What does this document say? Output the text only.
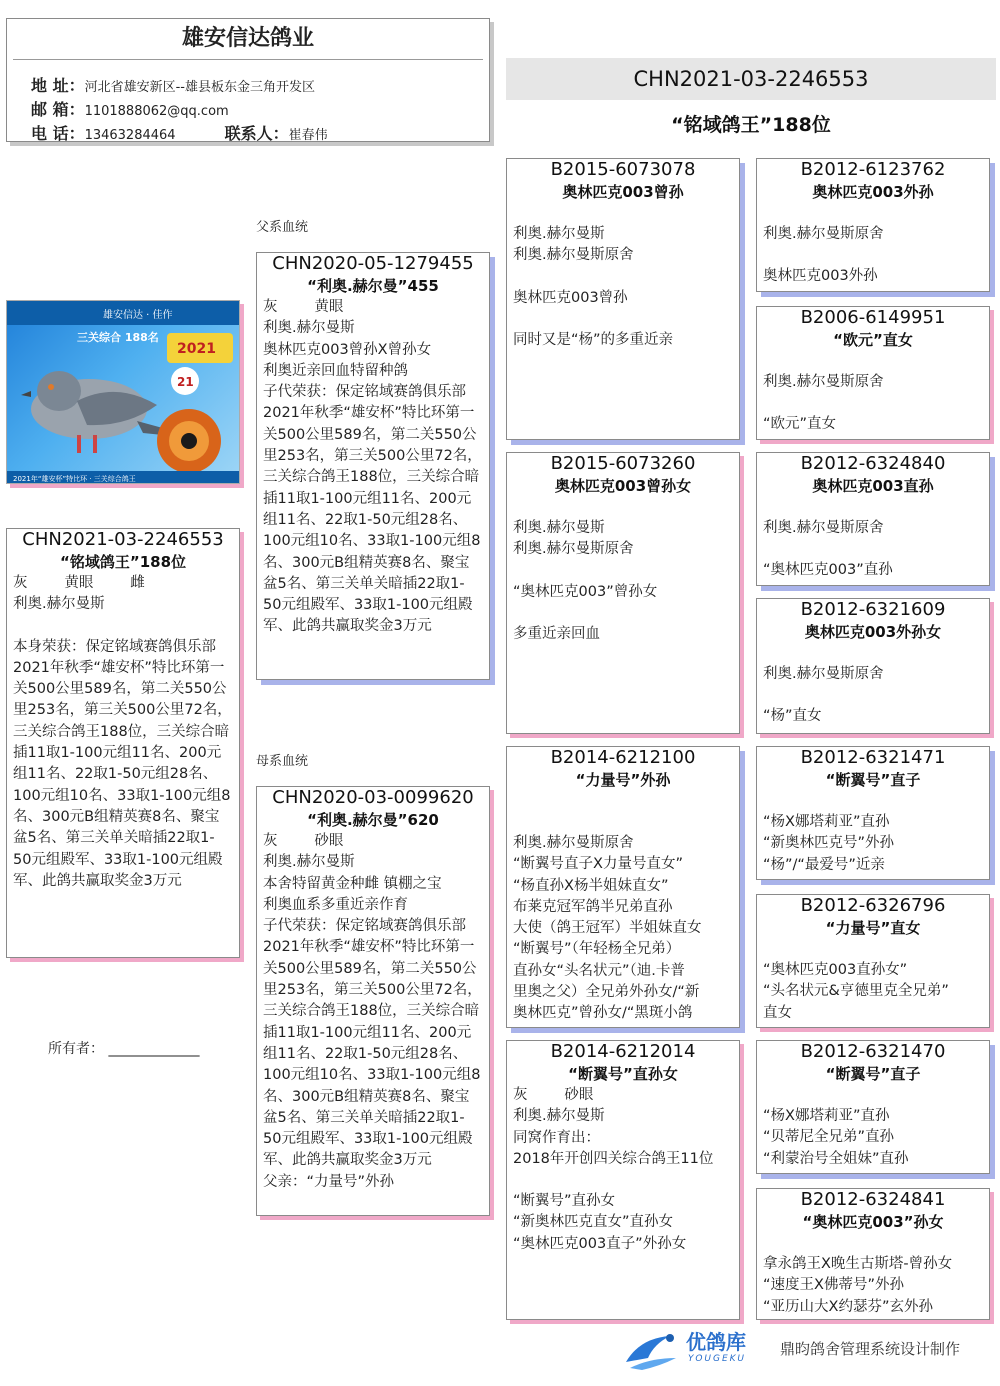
雄安信达鸽业
地 址：河北省雄安新区--雄县板东金三角开发区
邮 箱：1101888062@qq.com
电 话：13463284464	联系人：崔春伟
CHN2021-03-2246553
“铭域鸽王”188位
雄安信达 · 佳作
三关综合 188名
2021
21
2021年“雄安杯”特比环 · 三关综合鸽王
父系血统
母系血统
CHN2021-03-2246553
“铭域鸽王”188位
灰        黄眼        雌
利奥.赫尔曼斯
本身荣获：保定铭域赛鸽俱乐部2021年秋季“雄安杯”特比环第一关500公里589名，第二关550公里253名，第三关500公里72名，三关综合鸽王188位，三关综合暗插11取1-100元组11名、200元组11名、22取1-50元组28名、100元组10名、33取1-100元组8名、300元B组精英赛8名、聚宝盆5名、第三关单关暗插22取1-50元组殿军、33取1-100元组殿军、此鸽共赢取奖金3万元
所有者： _____________
CHN2020-05-1279455
“利奥.赫尔曼”455
灰        黄眼
利奥.赫尔曼斯
奥林匹克003曾孙X曾孙女
利奥近亲回血特留种鸽
子代荣获：保定铭域赛鸽俱乐部2021年秋季“雄安杯”特比环第一关500公里589名，第二关550公里253名，第三关500公里72名，三关综合鸽王188位，三关综合暗插11取1-100元组11名、200元组11名、22取1-50元组28名、100元组10名、33取1-100元组8名、300元B组精英赛8名、聚宝盆5名、第三关单关暗插22取1-50元组殿军、33取1-100元组殿军、此鸽共赢取奖金3万元
CHN2020-03-0099620
“利奥.赫尔曼”620
灰        砂眼
利奥.赫尔曼斯
本舍特留黄金种雌 镇棚之宝
利奥血系多重近亲作育
子代荣获：保定铭域赛鸽俱乐部2021年秋季“雄安杯”特比环第一关500公里589名，第二关550公里253名，第三关500公里72名，三关综合鸽王188位，三关综合暗插11取1-100元组11名、200元组11名、22取1-50元组28名、100元组10名、33取1-100元组8名、300元B组精英赛8名、聚宝盆5名、第三关单关暗插22取1-50元组殿军、33取1-100元组殿军、此鸽共赢取奖金3万元
父亲：“力量号”外孙
B2015-6073078
奥林匹克003曾孙
利奥.赫尔曼斯
利奥.赫尔曼斯原舍
奥林匹克003曾孙
同时又是“杨”的多重近亲
B2015-6073260
奥林匹克003曾孙女
利奥.赫尔曼斯
利奥.赫尔曼斯原舍
“奥林匹克003”曾孙女
多重近亲回血
B2014-6212100
“力量号”外孙
利奥.赫尔曼斯原舍
“断翼号直子X力量号直女”
“杨直孙X杨半姐妹直女”
布莱克冠军鸽半兄弟直孙
大使（鸽王冠军）半姐妹直女
“断翼号”（年轻杨全兄弟）
直孙女“头名状元”（迪.卡普
里奥之父）全兄弟外孙女/“新
奥林匹克”曾孙女/“黑斑小鸽
B2014-6212014
“断翼号”直孙女
灰        砂眼
利奥.赫尔曼斯
同窝作育出：
2018年开创四关综合鸽王11位
“断翼号”直孙女
“新奥林匹克直女”直孙女
“奥林匹克003直子”外孙女
B2012-6123762
奥林匹克003外孙
利奥.赫尔曼斯原舍
奥林匹克003外孙
B2006-6149951
“欧元”直女
利奥.赫尔曼斯原舍
“欧元”直女
B2012-6324840
奥林匹克003直孙
利奥.赫尔曼斯原舍
“奥林匹克003”直孙
B2012-6321609
奥林匹克003外孙女
利奥.赫尔曼斯原舍
“杨”直女
B2012-6321471
“断翼号”直子
“杨X娜塔莉亚”直孙
“新奥林匹克号”外孙
“杨”/“最爱号”近亲
B2012-6326796
“力量号”直女
“奥林匹克003直孙女”
“头名状元&亨德里克全兄弟”
直女
B2012-6321470
“断翼号”直子
“杨X娜塔莉亚”直孙
“贝蒂尼全兄弟”直孙
“利蒙治号全姐妹”直孙
B2012-6324841
“奥林匹克003”孙女
拿永鸽王X晚生古斯塔-曾孙女
“速度王X佛蒂号”外孙
“亚历山大X约瑟芬”玄外孙
优鸽库
YOUGEKU
鼎昀鸽舍管理系统设计制作
